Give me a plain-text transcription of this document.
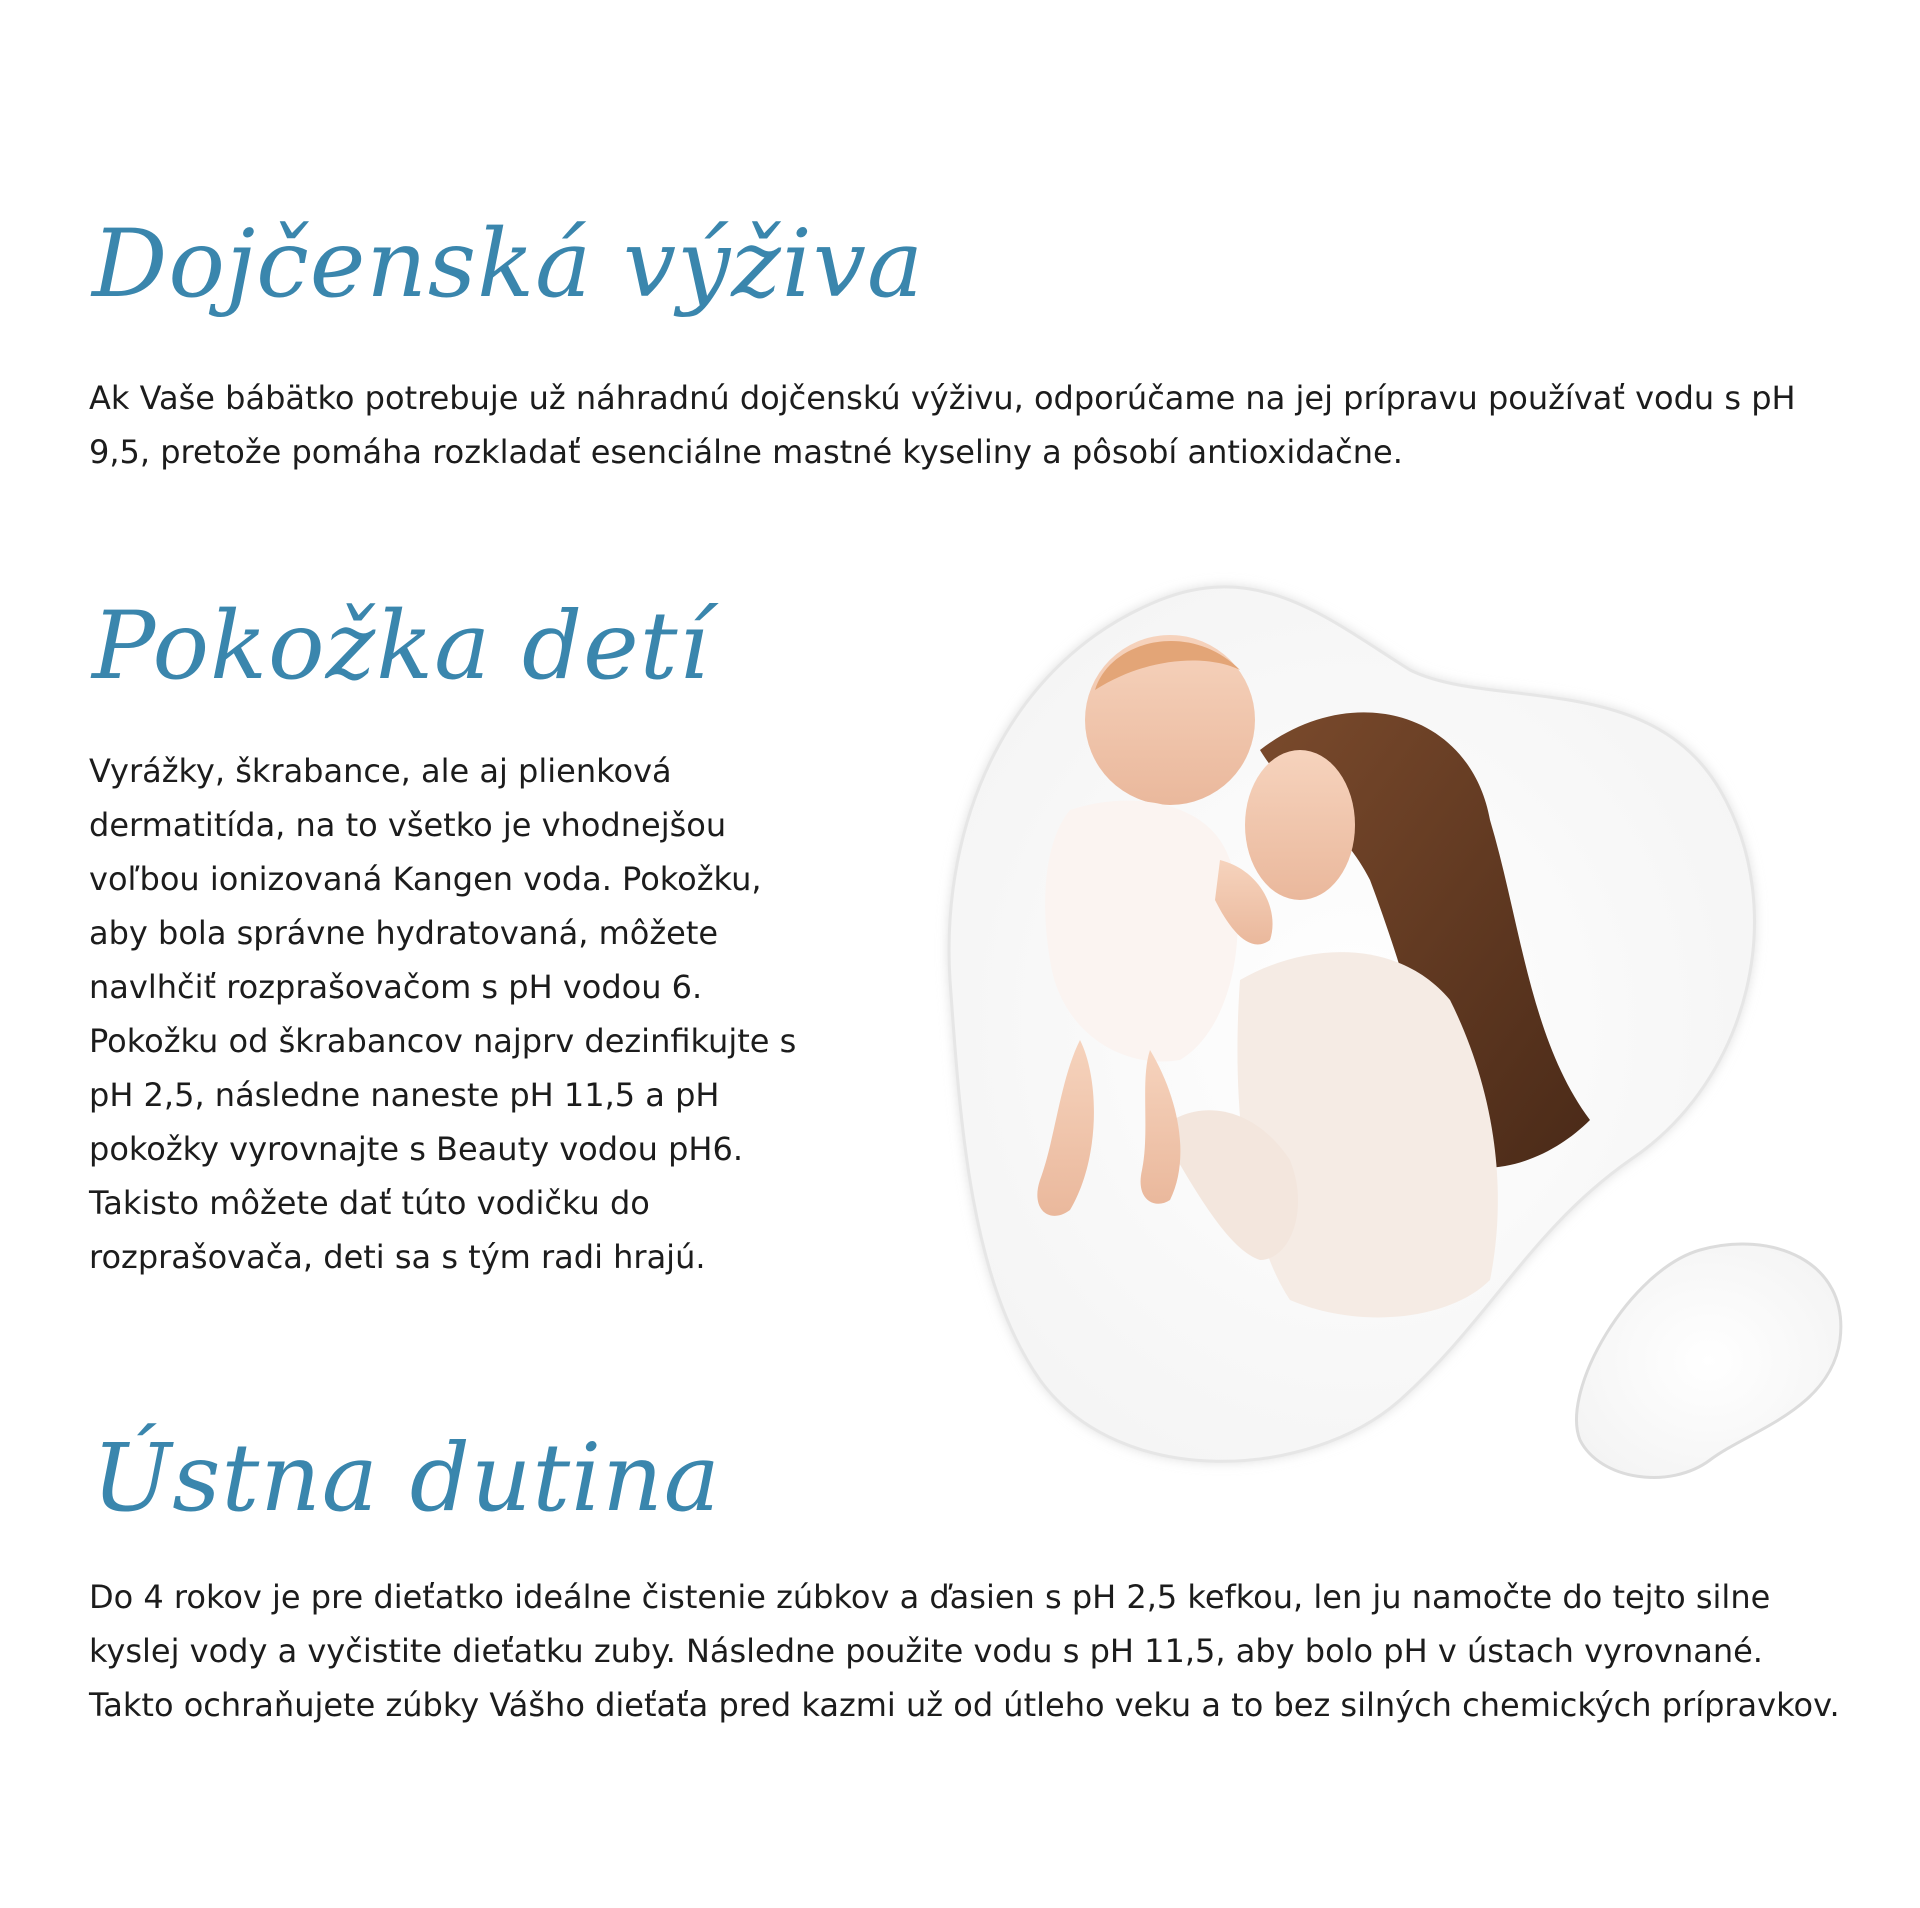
Dojčenská výživa

Ak Vaše bábätko potrebuje už náhradnú dojčenskú výživu, odporúčame na jej prípravu používať vodu s pH 9,5, pretože pomáha rozkladať esenciálne mastné kyseliny a pôsobí antioxidačne.

Pokožka detí

Vyrážky, škrabance, ale aj plienková dermatitída, na to všetko je vhodnejšou voľbou ionizovaná Kangen voda. Pokožku, aby bola správne hydratovaná, môžete navlhčiť rozprašovačom s pH vodou 6. Pokožku od škrabancov najprv dezinfikujte s pH 2,5, následne naneste pH 11,5 a pH pokožky vyrovnajte s Beauty vodou pH6. Takisto môžete dať túto vodičku do rozprašovača, deti sa s tým radi hrajú.

Ústna dutina

Do 4 rokov je pre dieťatko ideálne čistenie zúbkov a ďasien s pH 2,5 kefkou, len ju namočte do tejto silne kyslej vody a vyčistite dieťatku zuby. Následne použite vodu s pH 11,5, aby bolo pH v ústach vyrovnané. Takto ochraňujete zúbky Vášho dieťaťa pred kazmi už od útleho veku a to bez silných chemických prípravkov.
